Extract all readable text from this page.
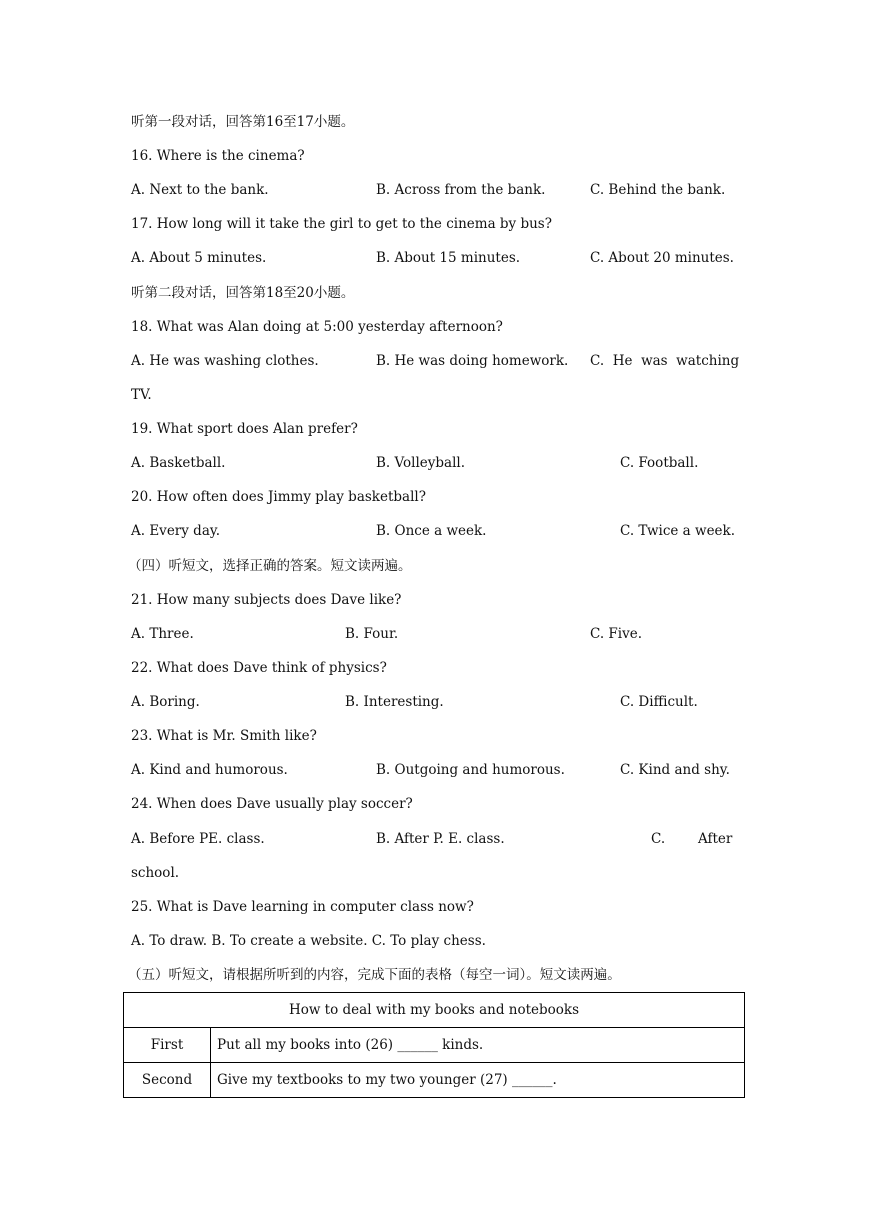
听第一段对话，回答第16至17小题。
16. Where is the cinema?
A. Next to the bank.	B. Across from the bank.	C. Behind the bank.
17. How long will it take the girl to get to the cinema by bus?
A. About 5 minutes.	B. About 15 minutes.	C. About 20 minutes.
听第二段对话，回答第18至20小题。
18. What was Alan doing at 5:00 yesterday afternoon?
A. He was washing clothes.	B. He was doing homework. C.  He  was  watching
TV.
19. What sport does Alan prefer?
A. Basketball.	B. Volleyball.	C. Football.
20. How often does Jimmy play basketball?
A. Every day.	B. Once a week.	C. Twice a week.
（四）听短文，选择正确的答案。短文读两遍。
21. How many subjects does Dave like?
A. Three.	B. Four.	C. Five.
22. What does Dave think of physics?
A. Boring.	B. Interesting.	C. Difficult.
23. What is Mr. Smith like?
A. Kind and humorous.	B. Outgoing and humorous.	C. Kind and shy.
24. When does Dave usually play soccer?
A. Before PE. class.	B. After P. E. class.	C. After
school.
25. What is Dave learning in computer class now?
A. To draw. B. To create a website. C. To play chess.
（五）听短文，请根据所听到的内容，完成下面的表格（每空一词）。短文读两遍。
How to deal with my books and notebooks	
First	Put all my books into (26) ______ kinds.
Second	Give my textbooks to my two younger (27) ______.
